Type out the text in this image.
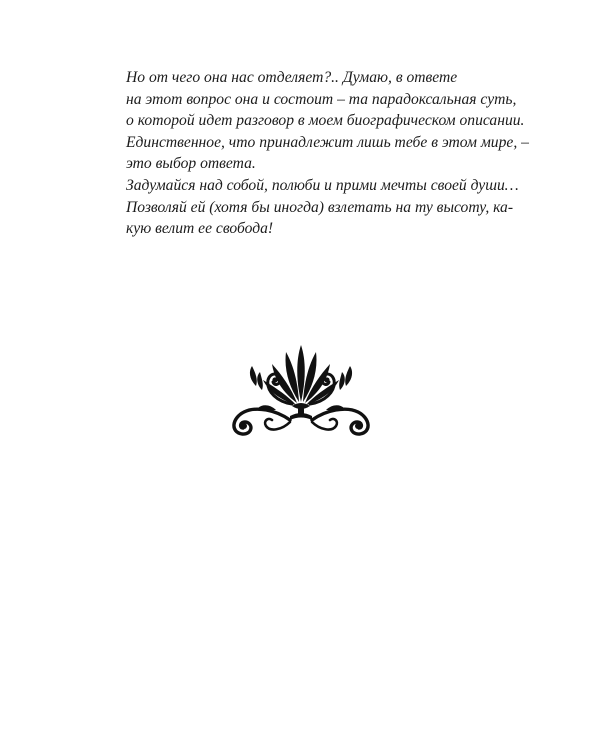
Но от чего она нас отделяет?.. Думаю, в ответе
на этот вопрос она и состоит – та парадоксальная суть,
о которой идет разговор в моем биографическом описании.
Единственное, что принадлежит лишь тебе в этом мире, –
это выбор ответа.

Задумайся над собой, полюби и прими мечты своей души…
Позволяй ей (хотя бы иногда) взлетать на ту высоту, ка-
кую велит ее свобода!
